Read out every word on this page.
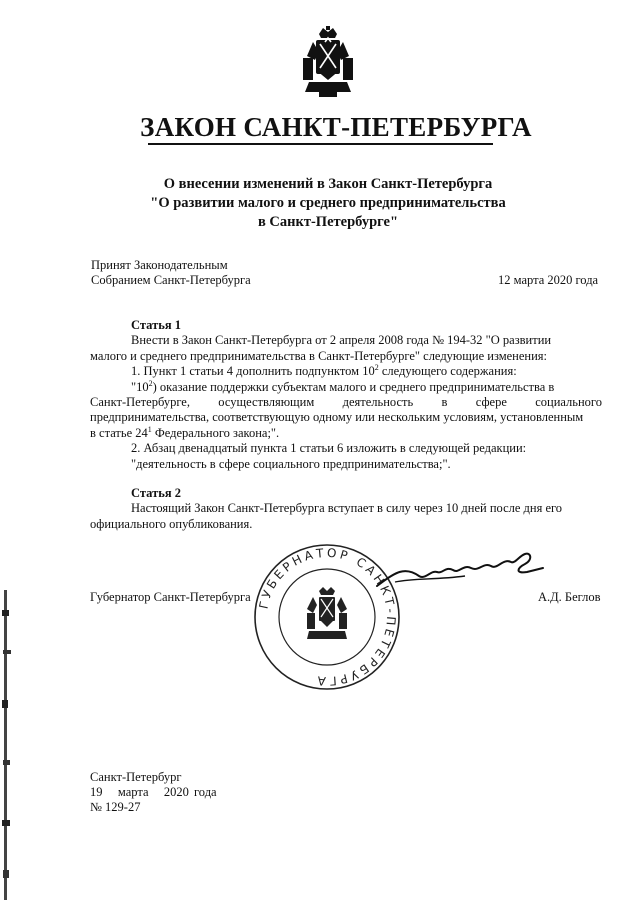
ЗАКОН САНКТ-ПЕТЕРБУРГА
О внесении изменений в Закон Санкт-Петербурга
"О развитии малого и среднего предпринимательства
в Санкт-Петербурге"
Принят Законодательным
Собранием Санкт-Петербурга	12 марта 2020 года
Статья 1
Внести в Закон Санкт-Петербурга от 2 апреля 2008 года № 194-32 "О развитии
малого и среднего предпринимательства в Санкт-Петербурге" следующие изменения:
1. Пункт 1 статьи 4 дополнить подпунктом $10^2$ следующего содержания:
"$10^2$) оказание поддержки субъектам малого и среднего предпринимательства в
Санкт-Петербурге, осуществляющим деятельность в сфере социального
предпринимательства, соответствующую одному или нескольким условиям, установленным
в статье $24^1$ Федерального закона;".
2. Абзац двенадцатый пункта 1 статьи 6 изложить в следующей редакции:
"деятельность в сфере социального предпринимательства;".
Статья 2
Настоящий Закон Санкт-Петербурга вступает в силу через 10 дней после дня его
официального опубликования.
ГУБЕРНАТОР САНКТ-ПЕТЕРБУРГА
Губернатор Санкт-Петербурга	А.Д. Беглов
Санкт-Петербург
19   марта   2020 года
№ 129-27
